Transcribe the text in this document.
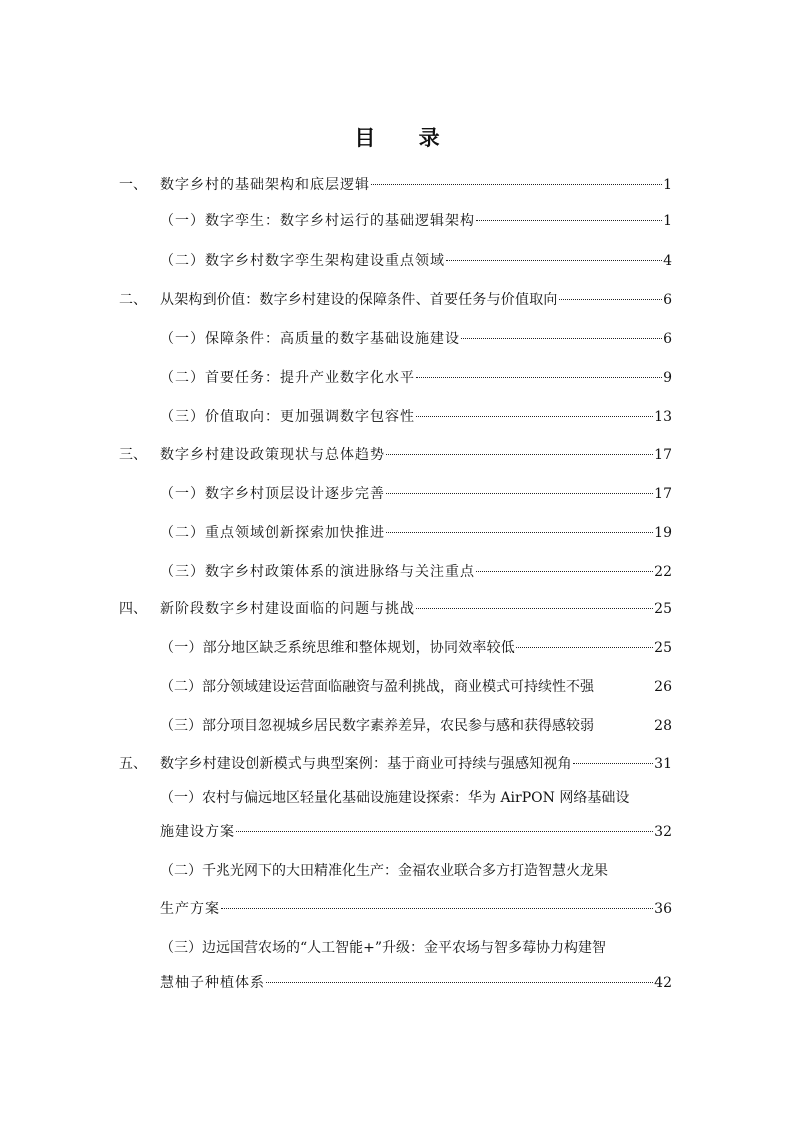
目 录
一、 数字乡村的基础架构和底层逻辑	1
（一）数字孪生：数字乡村运行的基础逻辑架构	1
（二）数字乡村数字孪生架构建设重点领域	4
二、 从架构到价值：数字乡村建设的保障条件、首要任务与价值取向	6
（一）保障条件：高质量的数字基础设施建设	6
（二）首要任务：提升产业数字化水平	9
（三）价值取向：更加强调数字包容性	13
三、 数字乡村建设政策现状与总体趋势	17
（一）数字乡村顶层设计逐步完善	17
（二）重点领域创新探索加快推进	19
（三）数字乡村政策体系的演进脉络与关注重点	22
四、 新阶段数字乡村建设面临的问题与挑战	25
（一）部分地区缺乏系统思维和整体规划，协同效率较低	25
（二）部分领域建设运营面临融资与盈利挑战，商业模式可持续性不强	26
（三）部分项目忽视城乡居民数字素养差异，农民参与感和获得感较弱	28
五、 数字乡村建设创新模式与典型案例：基于商业可持续与强感知视角	31
（一）农村与偏远地区轻量化基础设施建设探索：华为 AirPON 网络基础设
施建设方案	32
（二）千兆光网下的大田精准化生产：金福农业联合多方打造智慧火龙果
生产方案	36
（三）边远国营农场的“人工智能+”升级：金平农场与智多莓协力构建智
慧柚子种植体系	42
